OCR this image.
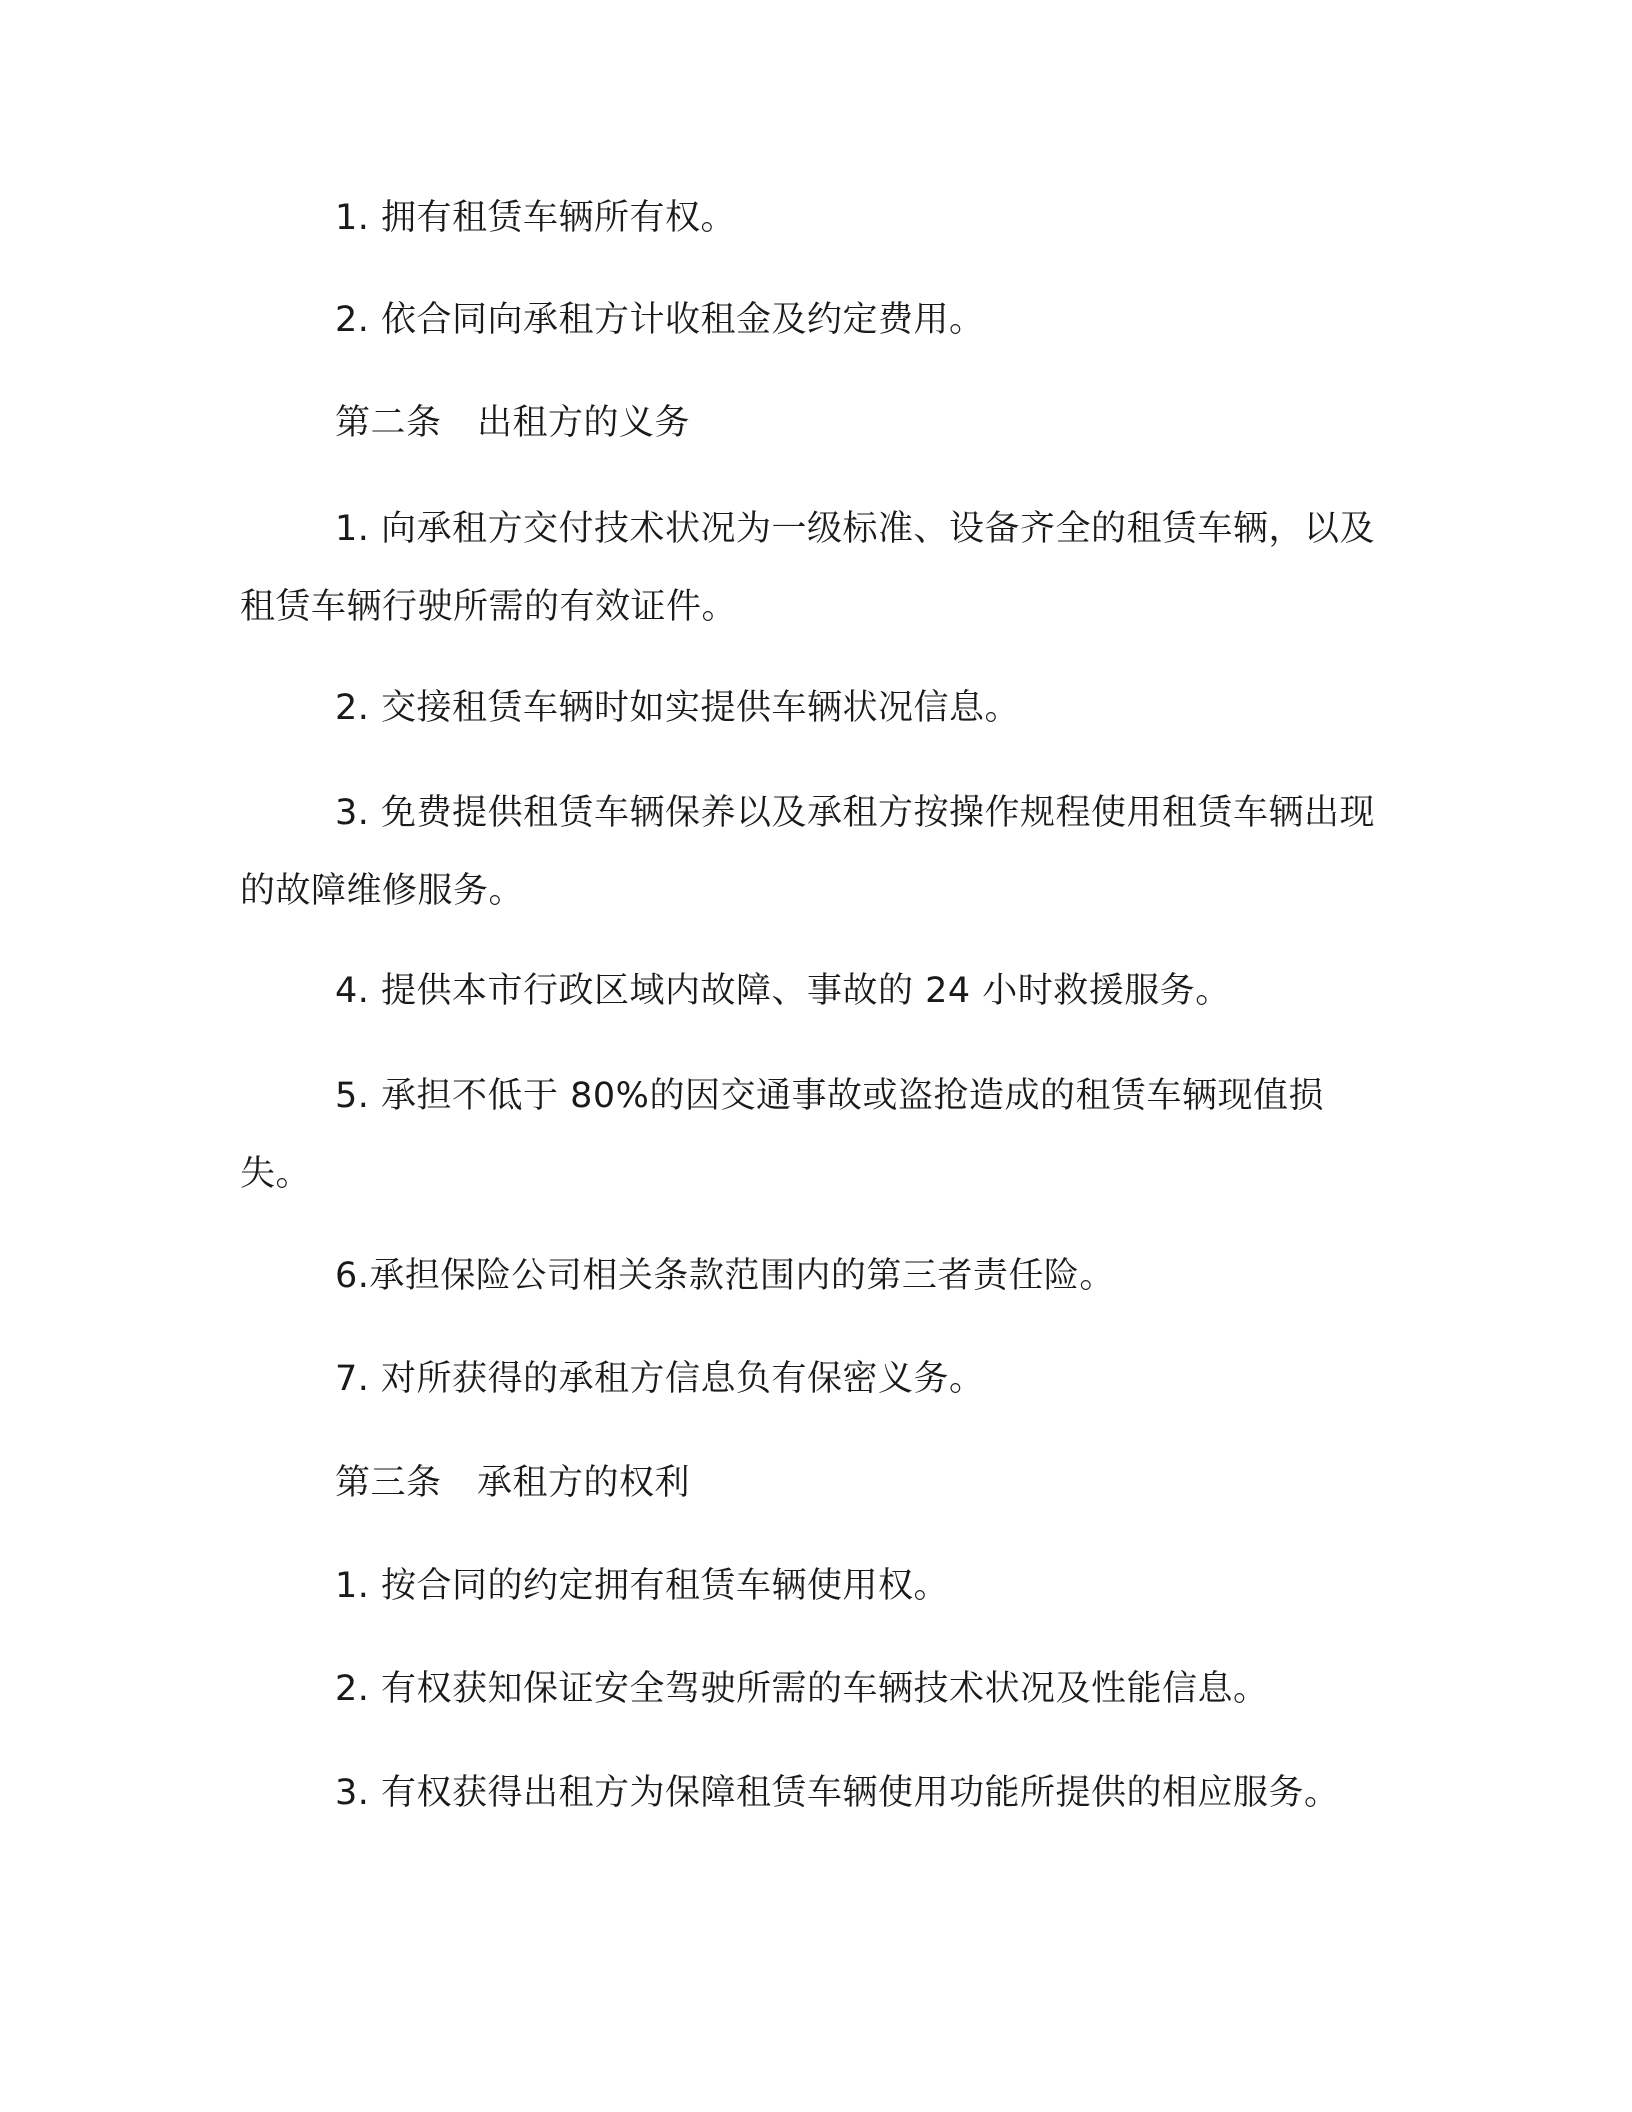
1. 拥有租赁车辆所有权。

2. 依合同向承租方计收租金及约定费用。

第二条　出租方的义务

1. 向承租方交付技术状况为一级标准、设备齐全的租赁车辆，以及租赁车辆行驶所需的有效证件。

2. 交接租赁车辆时如实提供车辆状况信息。

3. 免费提供租赁车辆保养以及承租方按操作规程使用租赁车辆出现的故障维修服务。

4. 提供本市行政区域内故障、事故的 24 小时救援服务。

5. 承担不低于 80%的因交通事故或盗抢造成的租赁车辆现值损失。

6.承担保险公司相关条款范围内的第三者责任险。

7. 对所获得的承租方信息负有保密义务。

第三条　承租方的权利

1. 按合同的约定拥有租赁车辆使用权。

2. 有权获知保证安全驾驶所需的车辆技术状况及性能信息。

3. 有权获得出租方为保障租赁车辆使用功能所提供的相应服务。
